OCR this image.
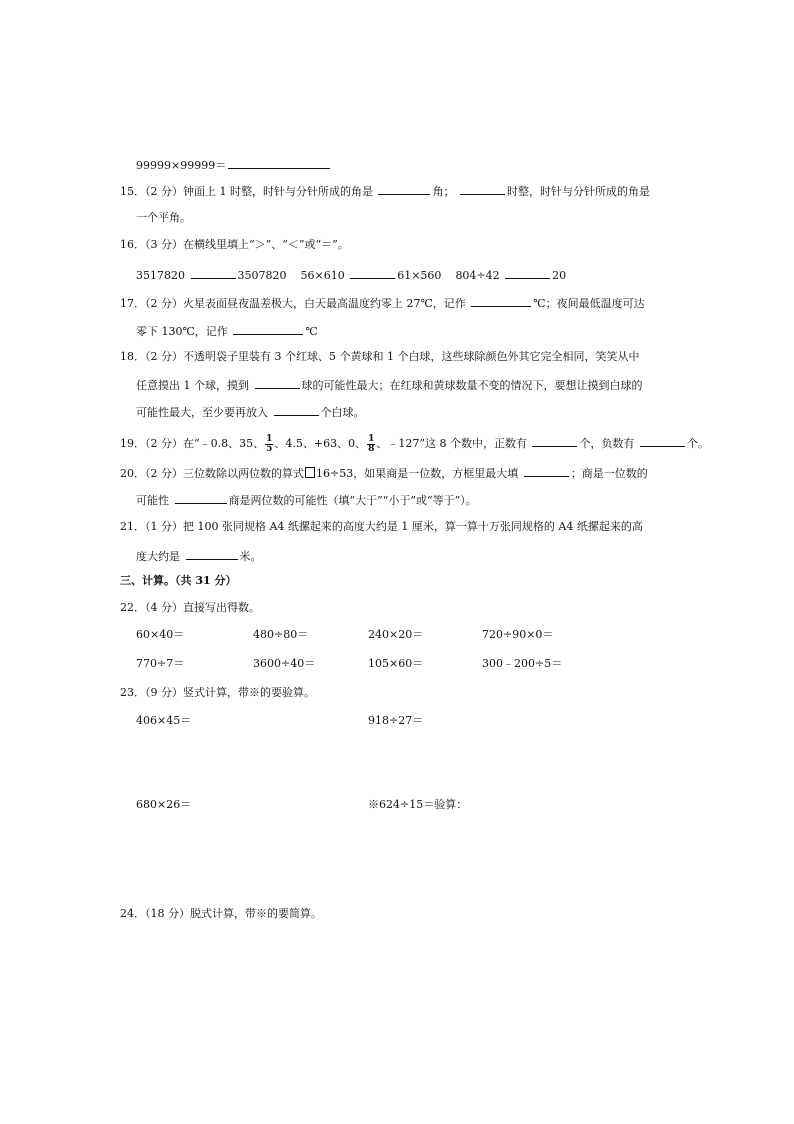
99999×99999＝
15．（2 分）钟面上 1 时整，时针与分针所成的角是	角；	时整，时针与分针所成的角是
一个平角。
16．（3 分）在横线里填上“＞”、“＜”或“＝”。
3517820	3507820 56×610	61×560 804÷42	20
17．（2 分）火星表面昼夜温差极大，白天最高温度约零上 27℃，记作	℃；夜间最低温度可达
零下 130℃，记作	℃
18．（2 分）不透明袋子里装有 3 个红球、5 个黄球和 1 个白球，这些球除颜色外其它完全相同，笑笑从中
任意摸出 1 个球，摸到	球的可能性最大；在红球和黄球数量不变的情况下，要想让摸到白球的
可能性最大，至少要再放入	个白球。
19．（2 分）在“﹣0.8、35、 $\frac{1}{5}$ 、4.5、+63、0、 $\frac{1}{8}$ 、﹣127”这 8 个数中，正数有	个，负数有	个。
20．（2 分）三位数除以两位数的算式 16÷53，如果商是一位数，方框里最大填	；商是一位数的
可能性	商是两位数的可能性（填“大于”“小于”或“等于”）。
21．（1 分）把 100 张同规格 A4 纸摞起来的高度大约是 1 厘米，算一算十万张同规格的 A4 纸摞起来的高
度大约是	米。
三、计算。（共 31 分）
22．（4 分）直接写出得数。
60×40＝	480÷80＝	240×20＝	720÷90×0＝
770÷7＝	3600÷40＝	105×60＝	300﹣200÷5＝
23．（9 分）竖式计算，带※的要验算。
406×45＝	918÷27＝
680×26＝	※624÷15＝验算：
24．（18 分）脱式计算，带※的要简算。
